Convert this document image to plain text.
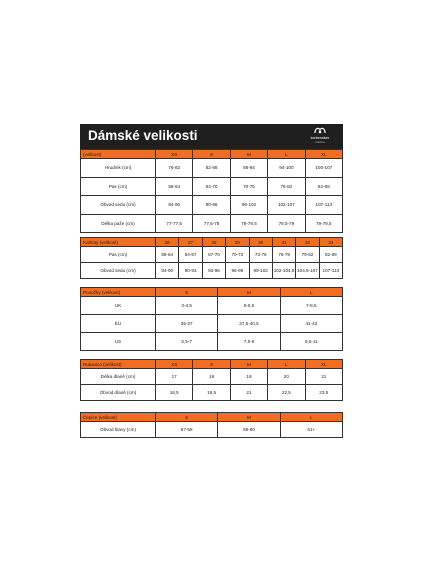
Dámské velikosti	icebreaker
merino
(velikost)	XS	S	M	L	XL
Hrudník (cm)	76-82	82-88	88-94	94-100	100-107
Pas (cm)	58-64	64-70	70-76	76-82	82-89
Obvod sedu (cm)	84-90	90-96	96-102	102-107	107-113
Délka paže (cm)	77-77,5	77,5-78	78-78,5	78,5-79	79-79,5
Kalhoty (velikost)	26	27	28	29	30	31	32	33
Pas (cm)	58-64	64-67	67-70	70-73	73-76	76-79	79-82	82-89
Obvod sedu (cm)	84-90	90-93	93-96	96-99	99-102	102-104,5	104,5-107	107-113
Ponožky (velikost)	S	M	L
UK	3-4,5	5-6,5	7-8,5
EU	35-37	37,5-40,5	41-43
US	5,5-7	7,5-9	9,5-11
Rukavice (velikost)	XS	S	M	L	XL
Délka dlaně (cm)	17	18	19	20	21
Obvod dlaně (cm)	18,5	19,5	21	22,5	23,5
Čepice (velikost)	S	M	L
Obvod hlavy (cm)	57-58	59-60	61+
